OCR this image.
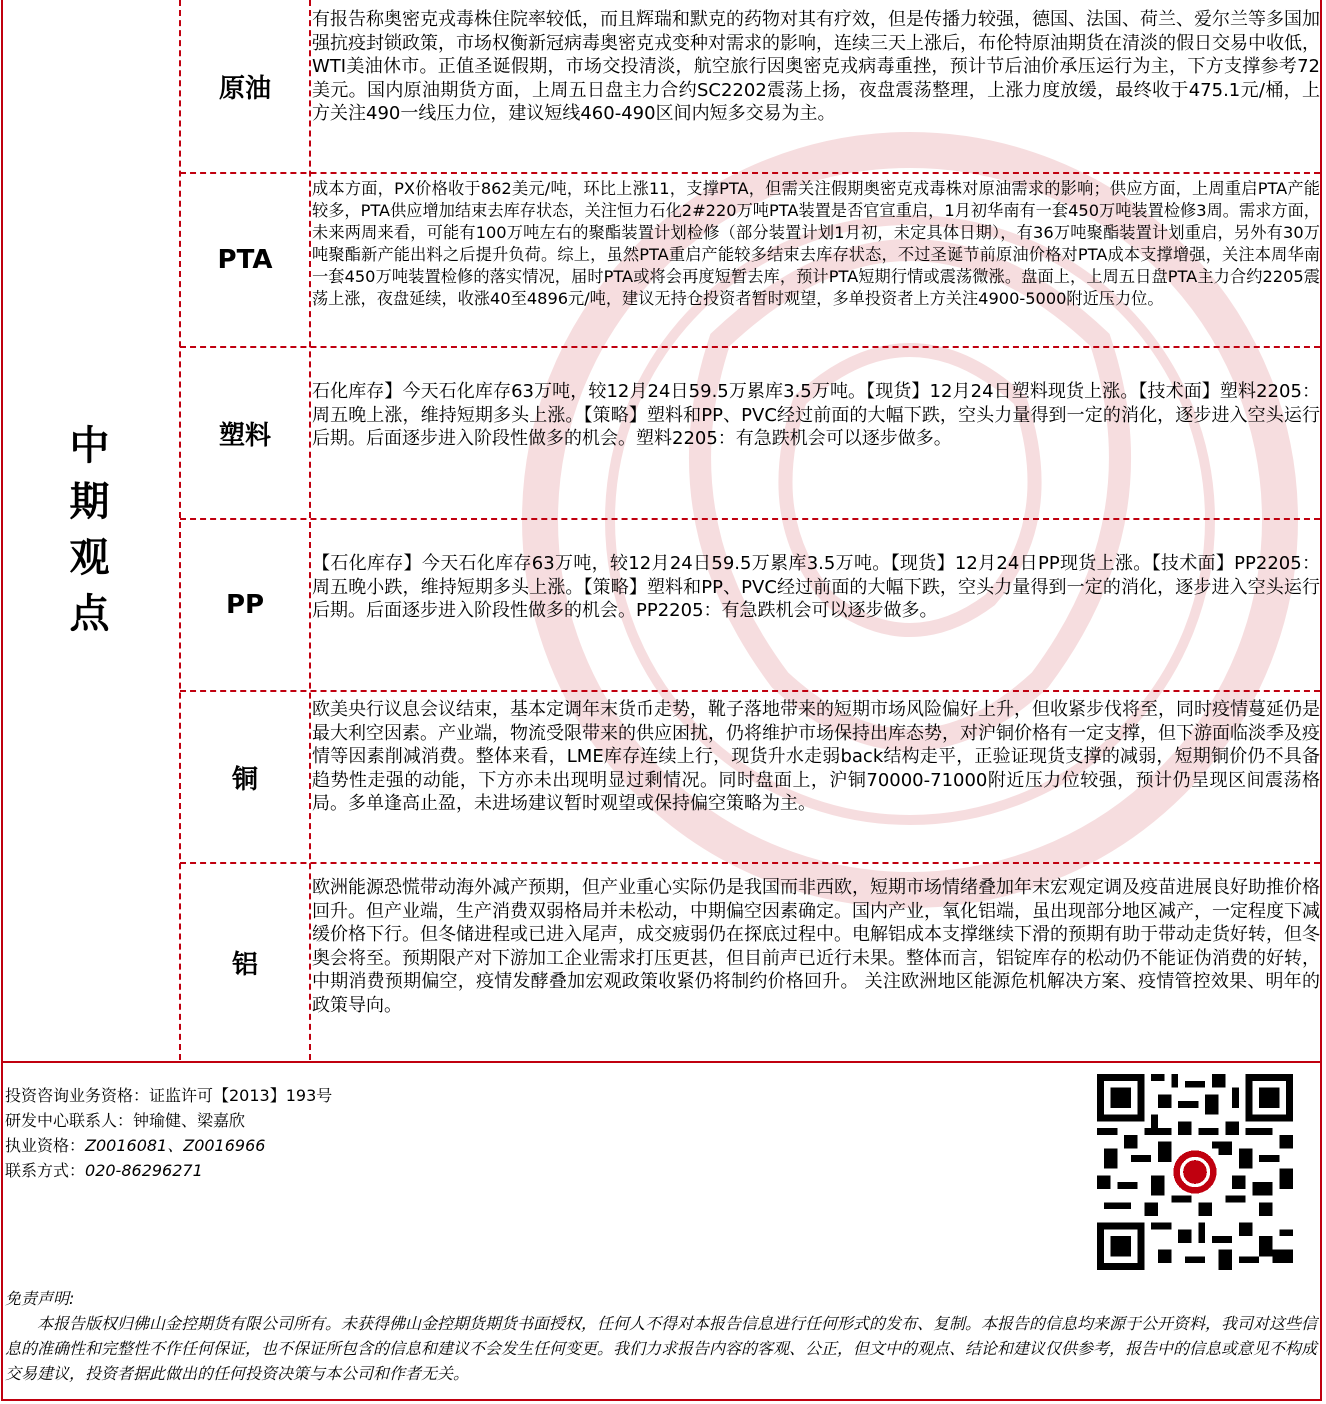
中期观点
原油
有报告称奥密克戎毒株住院率较低，而且辉瑞和默克的药物对其有疗效，但是传播力较强，德国、法国、荷兰、爱尔兰等多国加强抗疫封锁政策，市场权衡新冠病毒奥密克戎变种对需求的影响，连续三天上涨后，布伦特原油期货在清淡的假日交易中收低，WTI美油休市。正值圣诞假期，市场交投清淡，航空旅行因奥密克戎病毒重挫，预计节后油价承压运行为主，下方支撑参考72美元。国内原油期货方面，上周五日盘主力合约SC2202震荡上扬，夜盘震荡整理，上涨力度放缓，最终收于475.1元/桶，上方关注490一线压力位，建议短线460-490区间内短多交易为主。
PTA
成本方面，PX价格收于862美元/吨，环比上涨11，支撑PTA，但需关注假期奥密克戎毒株对原油需求的影响；供应方面，上周重启PTA产能较多，PTA供应增加结束去库存状态，关注恒力石化2#220万吨PTA装置是否官宣重启，1月初华南有一套450万吨装置检修3周。需求方面，未来两周来看，可能有100万吨左右的聚酯装置计划检修（部分装置计划1月初，未定具体日期），有36万吨聚酯装置计划重启，另外有30万吨聚酯新产能出料之后提升负荷。综上，虽然PTA重启产能较多结束去库存状态，不过圣诞节前原油价格对PTA成本支撑增强，关注本周华南一套450万吨装置检修的落实情况，届时PTA或将会再度短暂去库，预计PTA短期行情或震荡微涨。盘面上，上周五日盘PTA主力合约2205震荡上涨，夜盘延续，收涨40至4896元/吨，建议无持仓投资者暂时观望，多单投资者上方关注4900-5000附近压力位。
塑料
石化库存】今天石化库存63万吨，较12月24日59.5万累库3.5万吨。【现货】12月24日塑料现货上涨。【技术面】塑料2205：周五晚上涨，维持短期多头上涨。【策略】塑料和PP、PVC经过前面的大幅下跌，空头力量得到一定的消化，逐步进入空头运行后期。后面逐步进入阶段性做多的机会。塑料2205：有急跌机会可以逐步做多。
PP
【石化库存】今天石化库存63万吨，较12月24日59.5万累库3.5万吨。【现货】12月24日PP现货上涨。【技术面】PP2205：周五晚小跌，维持短期多头上涨。【策略】塑料和PP、PVC经过前面的大幅下跌，空头力量得到一定的消化，逐步进入空头运行后期。后面逐步进入阶段性做多的机会。PP2205：有急跌机会可以逐步做多。
铜
欧美央行议息会议结束，基本定调年末货币走势，靴子落地带来的短期市场风险偏好上升，但收紧步伐将至，同时疫情蔓延仍是最大利空因素。产业端，物流受限带来的供应困扰，仍将维护市场保持出库态势，对沪铜价格有一定支撑，但下游面临淡季及疫情等因素削减消费。整体来看，LME库存连续上行，现货升水走弱back结构走平，正验证现货支撑的减弱，短期铜价仍不具备趋势性走强的动能，下方亦未出现明显过剩情况。同时盘面上，沪铜70000-71000附近压力位较强，预计仍呈现区间震荡格局。多单逢高止盈，未进场建议暂时观望或保持偏空策略为主。
铝
欧洲能源恐慌带动海外减产预期，但产业重心实际仍是我国而非西欧，短期市场情绪叠加年末宏观定调及疫苗进展良好助推价格回升。但产业端，生产消费双弱格局并未松动，中期偏空因素确定。国内产业，氧化铝端，虽出现部分地区减产，一定程度下减缓价格下行。但冬储进程或已进入尾声，成交疲弱仍在探底过程中。电解铝成本支撑继续下滑的预期有助于带动走货好转，但冬奥会将至。预期限产对下游加工企业需求打压更甚，但目前声已近行未果。整体而言，铝锭库存的松动仍不能证伪消费的好转，中期消费预期偏空，疫情发酵叠加宏观政策收紧仍将制约价格回升。 关注欧洲地区能源危机解决方案、疫情管控效果、明年的政策导向。
投资咨询业务资格：证监许可【2013】193号
研发中心联系人：钟瑜健、梁嘉欣
执业资格：Z0016081、Z0016966
联系方式：020-86296271

免责声明:

本报告版权归佛山金控期货有限公司所有。未获得佛山金控期货期货书面授权，任何人不得对本报告信息进行任何形式的发布、复制。本报告的信息均来源于公开资料，我司对这些信息的准确性和完整性不作任何保证，也不保证所包含的信息和建议不会发生任何变更。我们力求报告内容的客观、公正，但文中的观点、结论和建议仅供参考，报告中的信息或意见不构成交易建议，投资者据此做出的任何投资决策与本公司和作者无关。
